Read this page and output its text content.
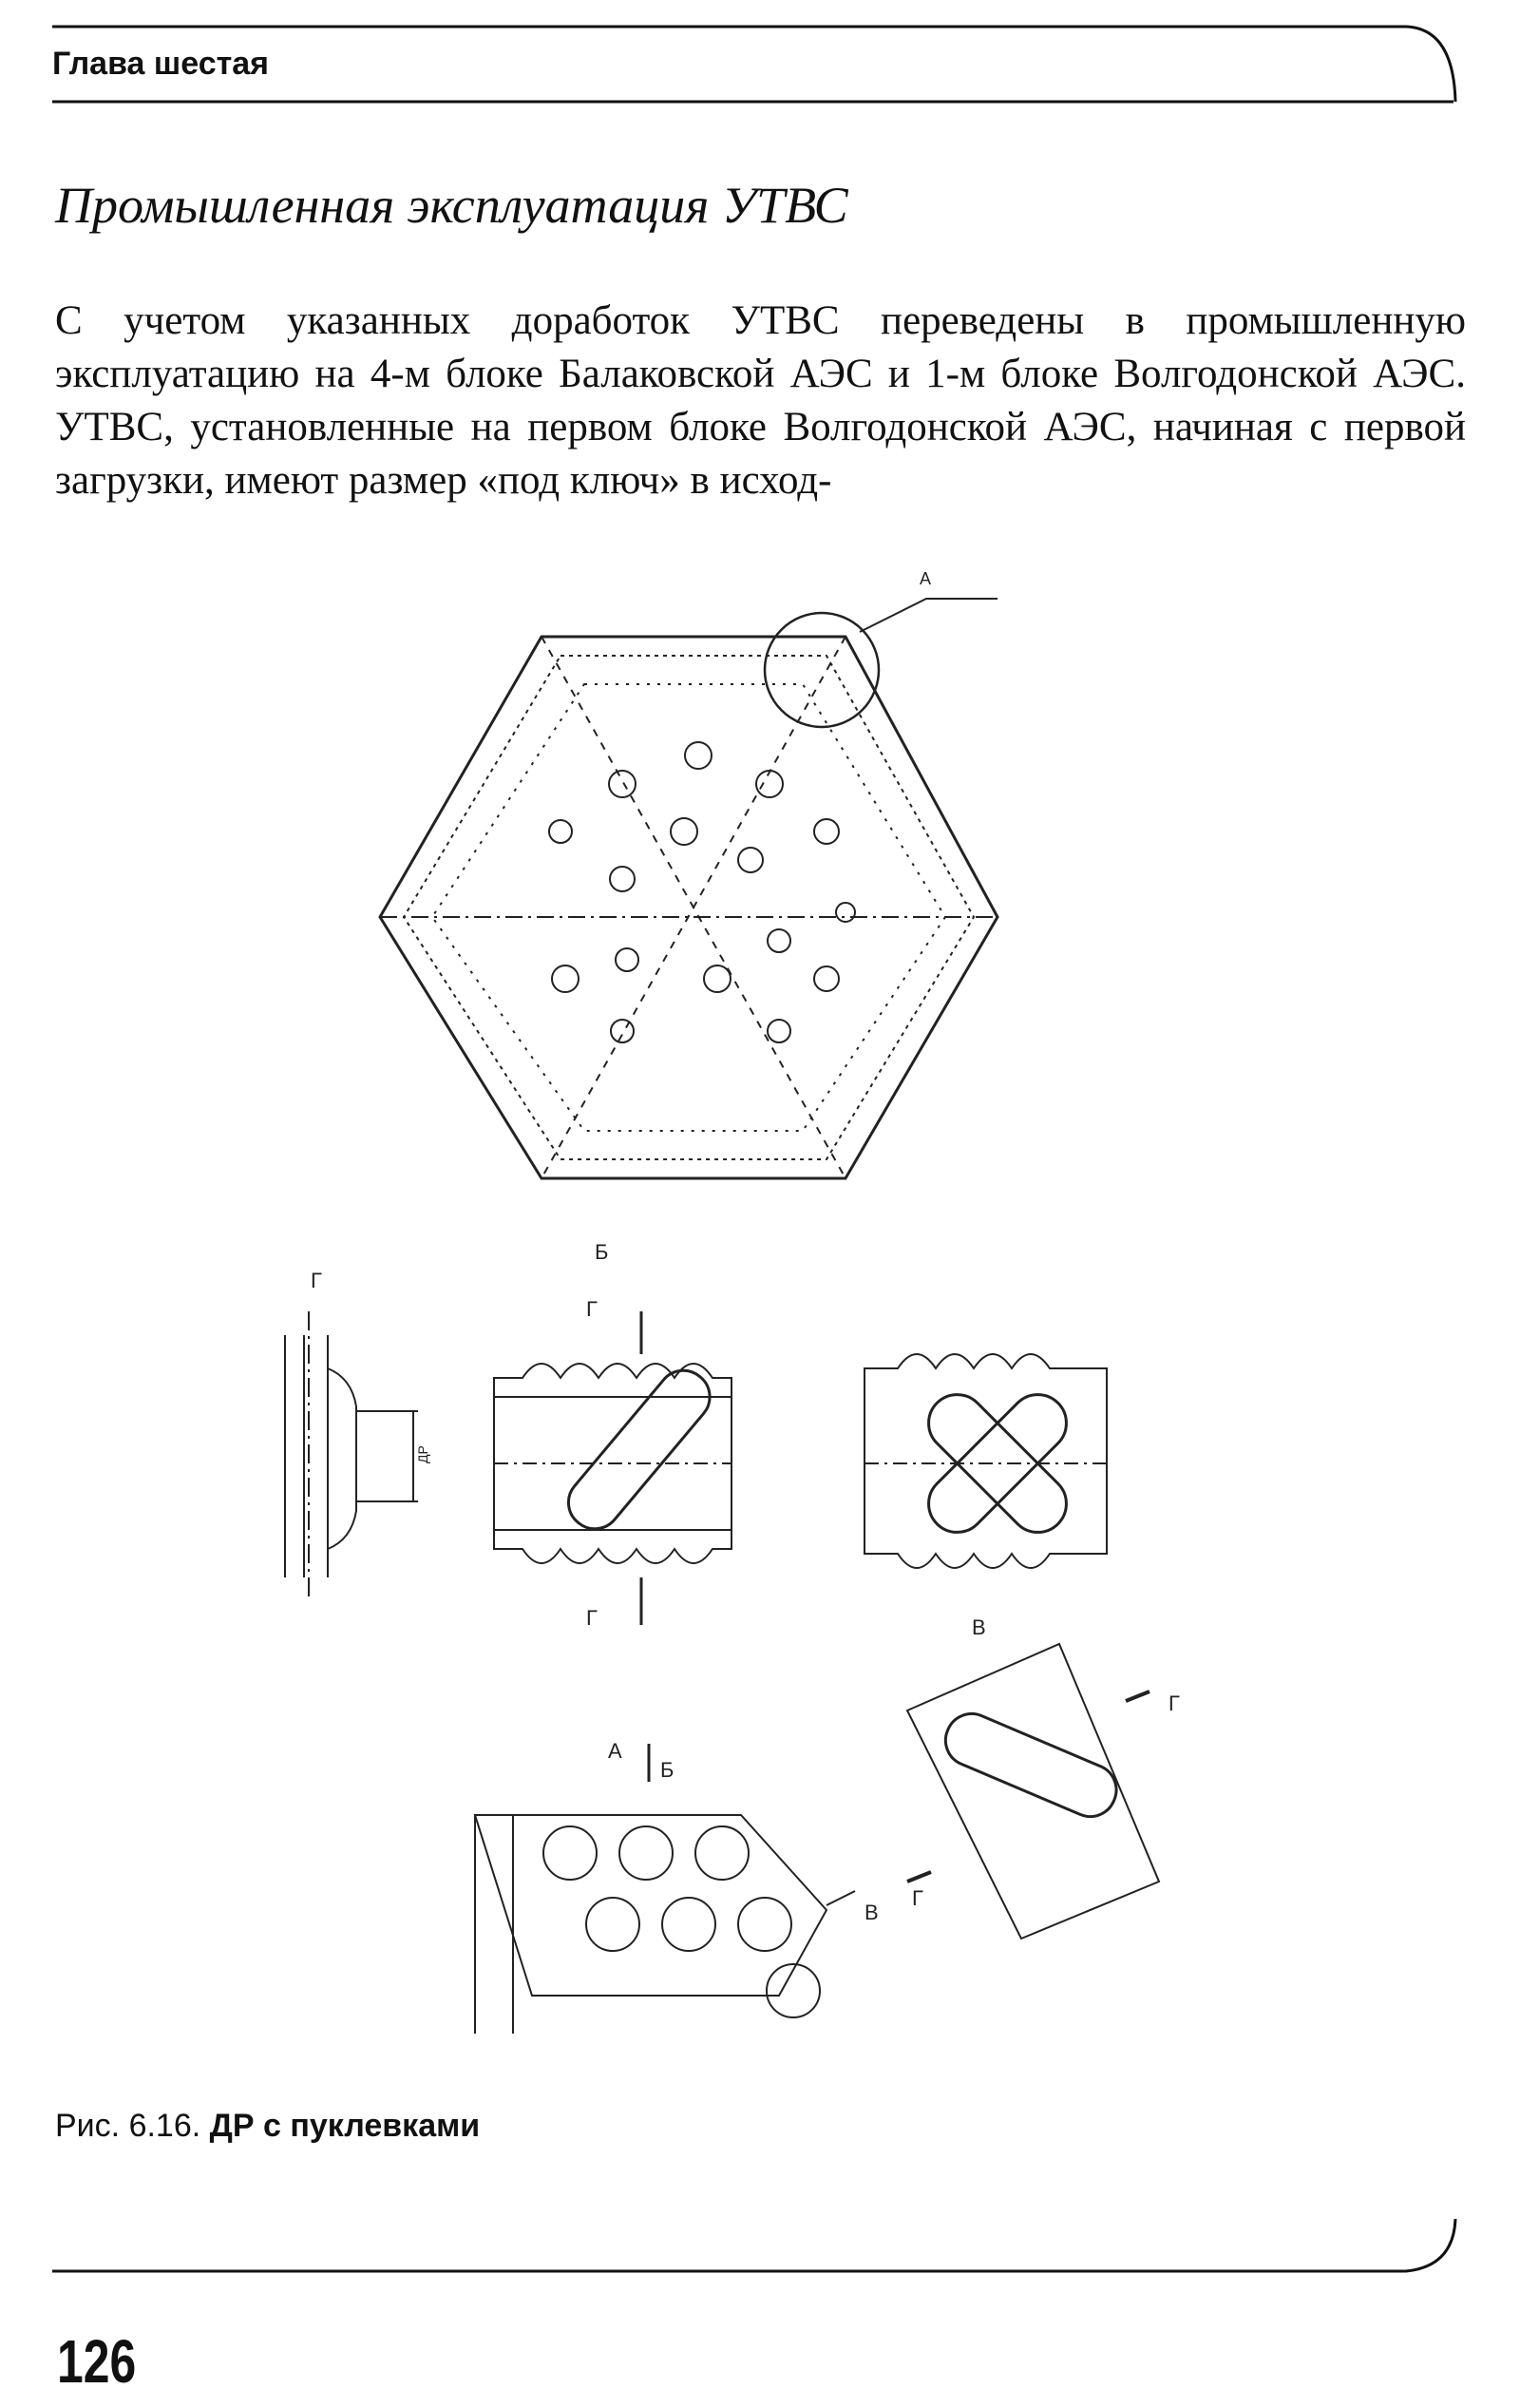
Глава шестая
Промышленная эксплуатация УТВС
С учетом указанных доработок УТВС переведены в промышленную эксплуатацию на 4-м блоке Балаковской АЭС и 1-м блоке Волгодонской АЭС. УТВС, установленные на первом блоке Волгодонской АЭС, начиная с первой загрузки, имеют размер «под ключ» в исход-
А
Г
ДР
Б
Г
Г	В
Г
Г
В
А
Б
Рис. 6.16. ДР с пуклевками
126
